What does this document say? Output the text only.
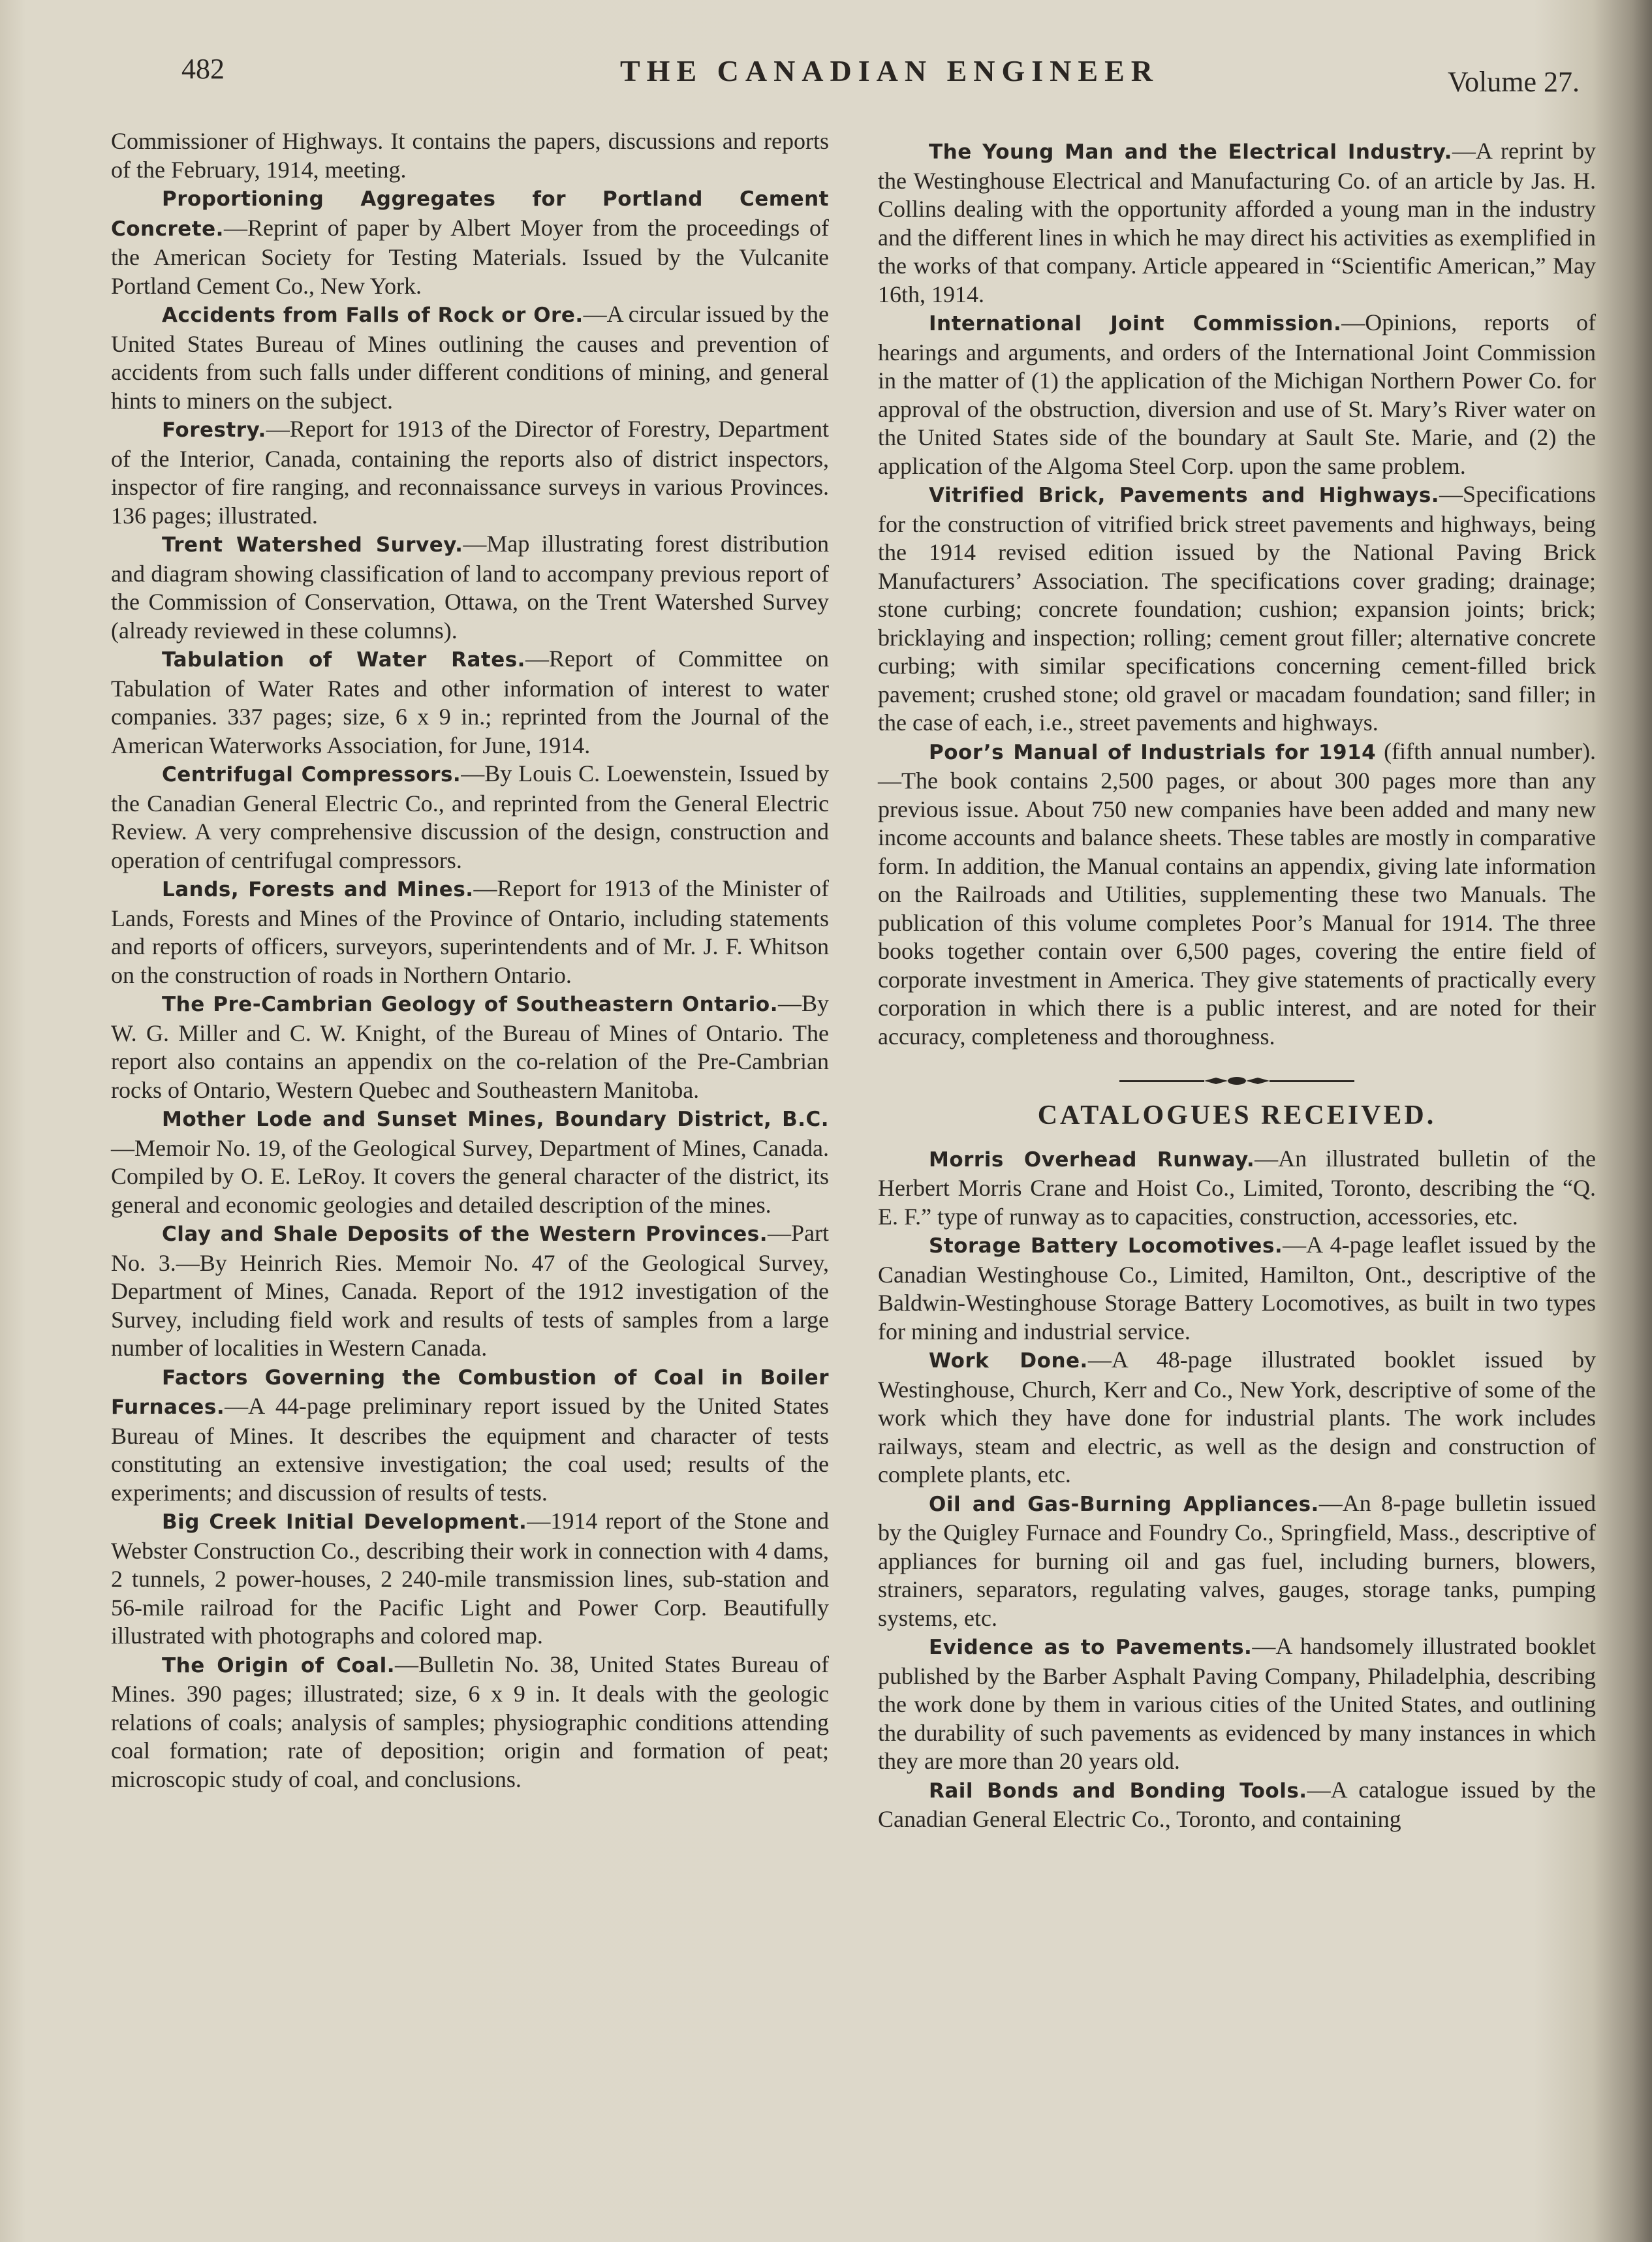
482	THE CANADIAN ENGINEER	Volume 27.

Commissioner of Highways. It contains the papers, discussions and reports of the February, 1914, meeting.

Proportioning Aggregates for Portland Cement Concrete.—Reprint of paper by Albert Moyer from the proceedings of the American Society for Testing Materials. Issued by the Vulcanite Portland Cement Co., New York.

Accidents from Falls of Rock or Ore.—A circular issued by the United States Bureau of Mines outlining the causes and prevention of accidents from such falls under different conditions of mining, and general hints to miners on the subject.

Forestry.—Report for 1913 of the Director of Forestry, Department of the Interior, Canada, containing the reports also of district inspectors, inspector of fire ranging, and reconnaissance surveys in various Provinces. 136 pages; illustrated.

Trent Watershed Survey.—Map illustrating forest distribution and diagram showing classification of land to accompany previous report of the Commission of Conservation, Ottawa, on the Trent Watershed Survey (already reviewed in these columns).

Tabulation of Water Rates.—Report of Committee on Tabulation of Water Rates and other information of interest to water companies. 337 pages; size, 6 x 9 in.; reprinted from the Journal of the American Waterworks Association, for June, 1914.

Centrifugal Compressors.—By Louis C. Loewenstein, Issued by the Canadian General Electric Co., and reprinted from the General Electric Review. A very comprehensive discussion of the design, construction and operation of centrifugal compressors.

Lands, Forests and Mines.—Report for 1913 of the Minister of Lands, Forests and Mines of the Province of Ontario, including statements and reports of officers, surveyors, superintendents and of Mr. J. F. Whitson on the construction of roads in Northern Ontario.

The Pre-Cambrian Geology of Southeastern Ontario.—By W. G. Miller and C. W. Knight, of the Bureau of Mines of Ontario. The report also contains an appendix on the co-relation of the Pre-Cambrian rocks of Ontario, Western Quebec and Southeastern Manitoba.

Mother Lode and Sunset Mines, Boundary District, B.C.—Memoir No. 19, of the Geological Survey, Department of Mines, Canada. Compiled by O. E. LeRoy. It covers the general character of the district, its general and economic geologies and detailed description of the mines.

Clay and Shale Deposits of the Western Provinces.—Part No. 3.—By Heinrich Ries. Memoir No. 47 of the Geological Survey, Department of Mines, Canada. Report of the 1912 investigation of the Survey, including field work and results of tests of samples from a large number of localities in Western Canada.

Factors Governing the Combustion of Coal in Boiler Furnaces.—A 44-page preliminary report issued by the United States Bureau of Mines. It describes the equipment and character of tests constituting an extensive investigation; the coal used; results of the experiments; and discussion of results of tests.

Big Creek Initial Development.—1914 report of the Stone and Webster Construction Co., describing their work in connection with 4 dams, 2 tunnels, 2 power-houses, 2 240-mile transmission lines, sub-station and 56-mile railroad for the Pacific Light and Power Corp. Beautifully illustrated with photographs and colored map.

The Origin of Coal.—Bulletin No. 38, United States Bureau of Mines. 390 pages; illustrated; size, 6 x 9 in. It deals with the geologic relations of coals; analysis of samples; physiographic conditions attending coal formation; rate of deposition; origin and formation of peat; microscopic study of coal, and conclusions.

The Young Man and the Electrical Industry.—A reprint by the Westinghouse Electrical and Manufacturing Co. of an article by Jas. H. Collins dealing with the opportunity afforded a young man in the industry and the different lines in which he may direct his activities as exemplified in the works of that company. Article appeared in “Scientific American,” May 16th, 1914.

International Joint Commission.—Opinions, reports of hearings and arguments, and orders of the International Joint Commission in the matter of (1) the application of the Michigan Northern Power Co. for approval of the obstruction, diversion and use of St. Mary’s River water on the United States side of the boundary at Sault Ste. Marie, and (2) the application of the Algoma Steel Corp. upon the same problem.

Vitrified Brick, Pavements and Highways.—Specifications for the construction of vitrified brick street pavements and highways, being the 1914 revised edition issued by the National Paving Brick Manufacturers’ Association. The specifications cover grading; drainage; stone curbing; concrete foundation; cushion; expansion joints; brick; bricklaying and inspection; rolling; cement grout filler; alternative concrete curbing; with similar specifications concerning cement-filled brick pavement; crushed stone; old gravel or macadam foundation; sand filler; in the case of each, i.e., street pavements and highways.

Poor’s Manual of Industrials for 1914 (fifth annual number).—The book contains 2,500 pages, or about 300 pages more than any previous issue. About 750 new companies have been added and many new income accounts and balance sheets. These tables are mostly in comparative form. In addition, the Manual contains an appendix, giving late information on the Railroads and Utilities, supplementing these two Manuals. The publication of this volume completes Poor’s Manual for 1914. The three books together contain over 6,500 pages, covering the entire field of corporate investment in America. They give statements of practically every corporation in which there is a public interest, and are noted for their accuracy, completeness and thoroughness.

CATALOGUES RECEIVED.

Morris Overhead Runway.—An illustrated bulletin of the Herbert Morris Crane and Hoist Co., Limited, Toronto, describing the “Q. E. F.” type of runway as to capacities, construction, accessories, etc.

Storage Battery Locomotives.—A 4-page leaflet issued by the Canadian Westinghouse Co., Limited, Hamilton, Ont., descriptive of the Baldwin-Westinghouse Storage Battery Locomotives, as built in two types for mining and industrial service.

Work Done.—A 48-page illustrated booklet issued by Westinghouse, Church, Kerr and Co., New York, descriptive of some of the work which they have done for industrial plants. The work includes railways, steam and electric, as well as the design and construction of complete plants, etc.

Oil and Gas-Burning Appliances.—An 8-page bulletin issued by the Quigley Furnace and Foundry Co., Springfield, Mass., descriptive of appliances for burning oil and gas fuel, including burners, blowers, strainers, separators, regulating valves, gauges, storage tanks, pumping systems, etc.

Evidence as to Pavements.—A handsomely illustrated booklet published by the Barber Asphalt Paving Company, Philadelphia, describing the work done by them in various cities of the United States, and outlining the durability of such pavements as evidenced by many instances in which they are more than 20 years old.

Rail Bonds and Bonding Tools.—A catalogue issued by the Canadian General Electric Co., Toronto, and containing
